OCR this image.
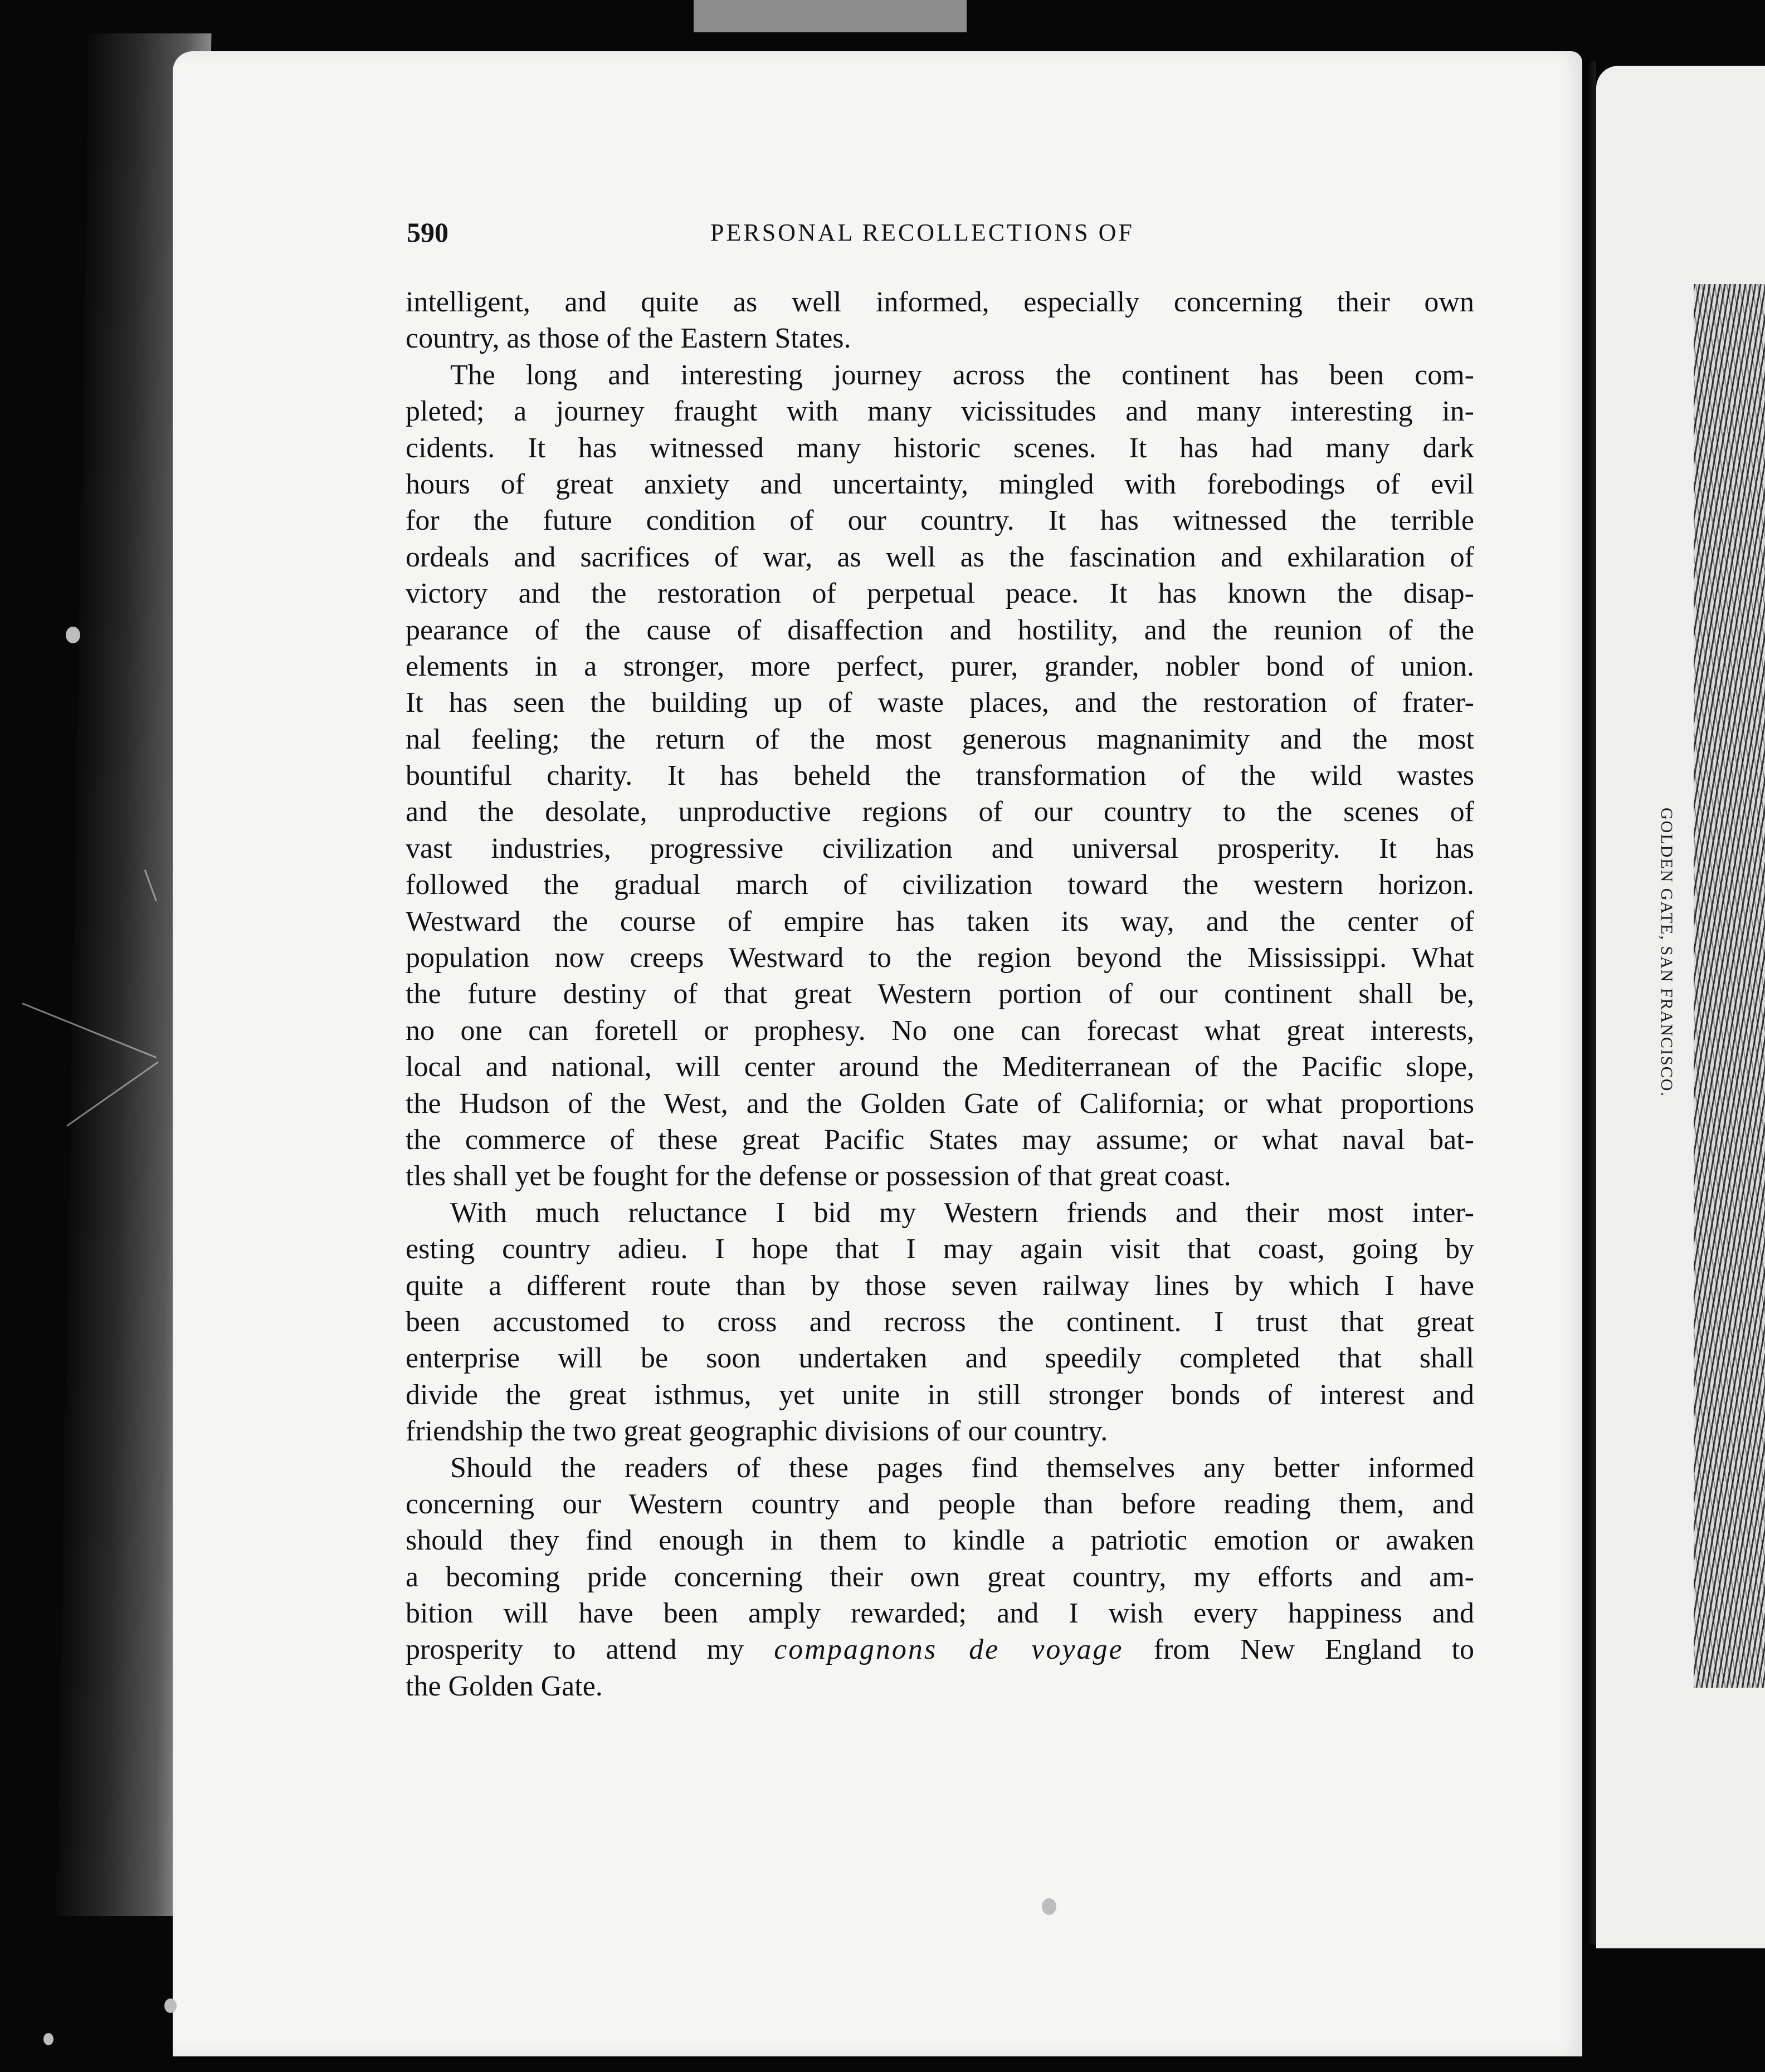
GOLDEN GATE, SAN FRANCISCO.
590	PERSONAL RECOLLECTIONS OF
intelligent, and quite as well informed, especially concerning their own
country, as those of the Eastern States.
The long and interesting journey across the continent has been com-
pleted; a journey fraught with many vicissitudes and many interesting in-
cidents. It has witnessed many historic scenes. It has had many dark
hours of great anxiety and uncertainty, mingled with forebodings of evil
for the future condition of our country. It has witnessed the terrible
ordeals and sacrifices of war, as well as the fascination and exhilaration of
victory and the restoration of perpetual peace. It has known the disap-
pearance of the cause of disaffection and hostility, and the reunion of the
elements in a stronger, more perfect, purer, grander, nobler bond of union.
It has seen the building up of waste places, and the restoration of frater-
nal feeling; the return of the most generous magnanimity and the most
bountiful charity. It has beheld the transformation of the wild wastes
and the desolate, unproductive regions of our country to the scenes of
vast industries, progressive civilization and universal prosperity. It has
followed the gradual march of civilization toward the western horizon.
Westward the course of empire has taken its way, and the center of
population now creeps Westward to the region beyond the Mississippi. What
the future destiny of that great Western portion of our continent shall be,
no one can foretell or prophesy. No one can forecast what great interests,
local and national, will center around the Mediterranean of the Pacific slope,
the Hudson of the West, and the Golden Gate of California; or what proportions
the commerce of these great Pacific States may assume; or what naval bat-
tles shall yet be fought for the defense or possession of that great coast.
With much reluctance I bid my Western friends and their most inter-
esting country adieu. I hope that I may again visit that coast, going by
quite a different route than by those seven railway lines by which I have
been accustomed to cross and recross the continent. I trust that great
enterprise will be soon undertaken and speedily completed that shall
divide the great isthmus, yet unite in still stronger bonds of interest and
friendship the two great geographic divisions of our country.
Should the readers of these pages find themselves any better informed
concerning our Western country and people than before reading them, and
should they find enough in them to kindle a patriotic emotion or awaken
a becoming pride concerning their own great country, my efforts and am-
bition will have been amply rewarded; and I wish every happiness and
prosperity to attend my compagnons de voyage from New England to
the Golden Gate.
